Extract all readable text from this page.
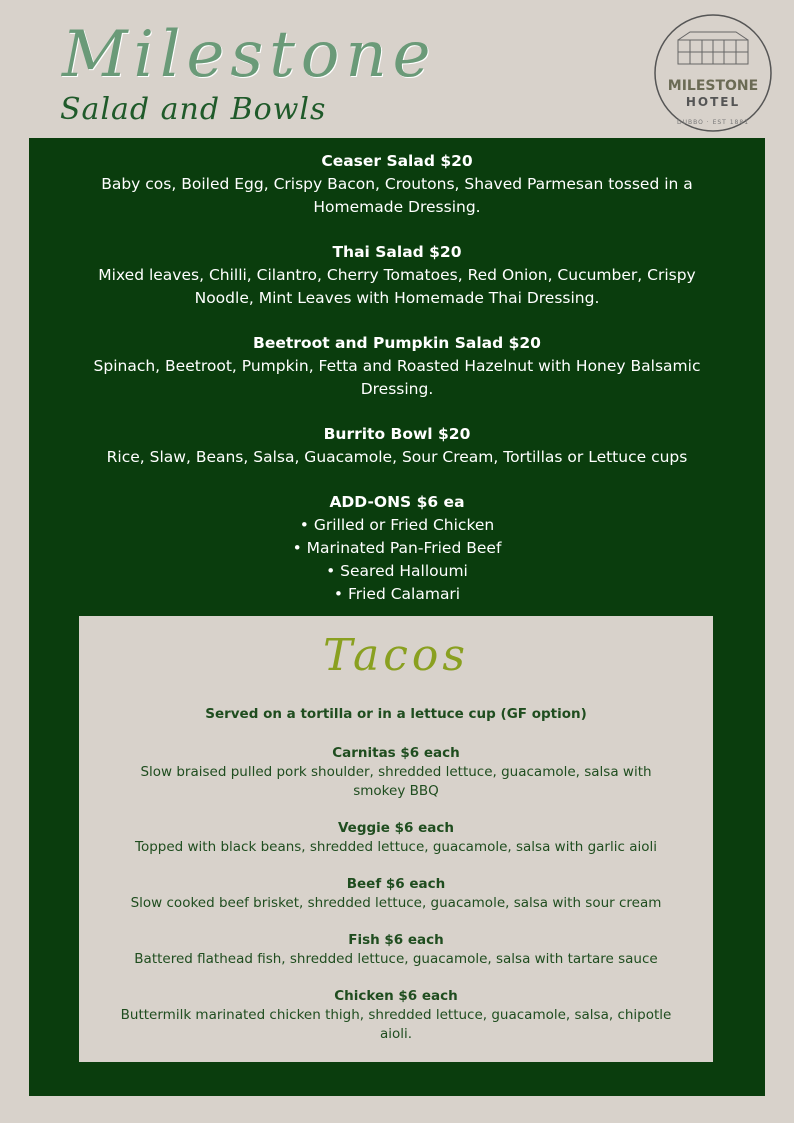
Milestone
Salad and Bowls
MILESTONE
HOTEL
DUBBO · EST 1881
Ceaser Salad $20
Baby cos, Boiled Egg, Crispy Bacon, Croutons, Shaved Parmesan tossed in a Homemade Dressing.
Thai Salad $20
Mixed leaves, Chilli, Cilantro, Cherry Tomatoes, Red Onion, Cucumber, Crispy Noodle, Mint Leaves with Homemade Thai Dressing.
Beetroot and Pumpkin Salad $20
Spinach, Beetroot, Pumpkin, Fetta and Roasted Hazelnut with Honey Balsamic Dressing.
Burrito Bowl $20
Rice, Slaw, Beans, Salsa, Guacamole, Sour Cream, Tortillas or Lettuce cups
ADD-ONS $6 ea
• Grilled or Fried Chicken
• Marinated Pan-Fried Beef
• Seared Halloumi
• Fried Calamari
Tacos
Served on a tortilla or in a lettuce cup (GF option)
Carnitas $6 each
Slow braised pulled pork shoulder, shredded lettuce, guacamole, salsa with smokey BBQ
Veggie $6 each
Topped with black beans, shredded lettuce, guacamole, salsa with garlic aioli
Beef $6 each
Slow cooked beef brisket, shredded lettuce, guacamole, salsa with sour cream
Fish $6 each
Battered flathead fish, shredded lettuce, guacamole, salsa with tartare sauce
Chicken $6 each
Buttermilk marinated chicken thigh, shredded lettuce, guacamole, salsa, chipotle aioli.
